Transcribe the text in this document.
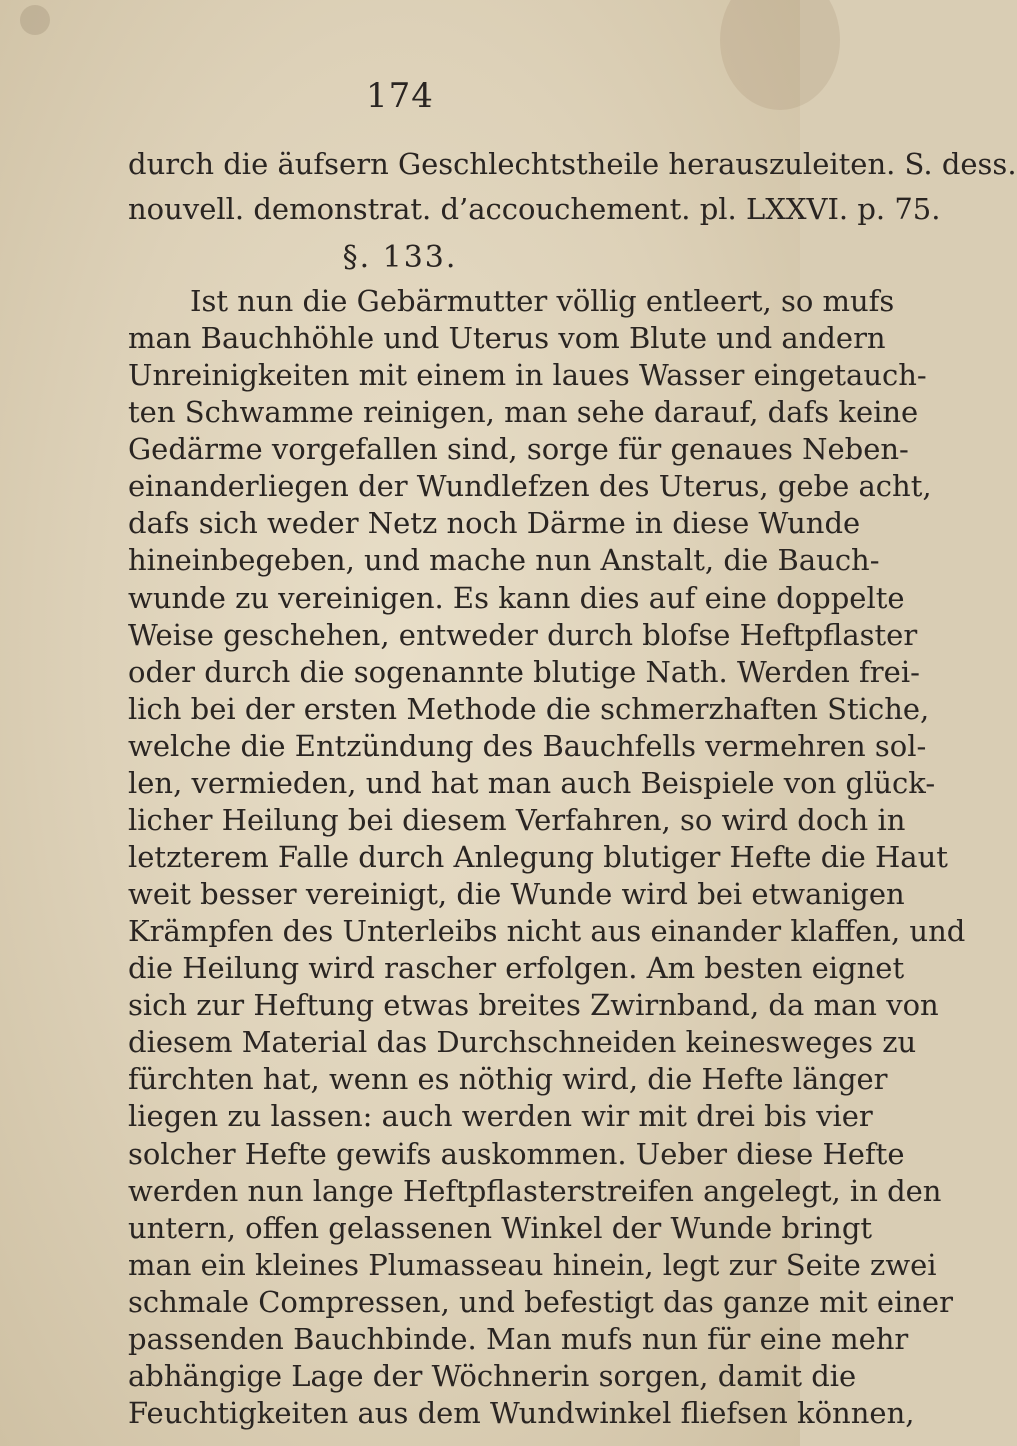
174
durch die äufsern Geschlechtstheile herauszuleiten. S. dess.
nouvell. demonstrat. d’accouchement. pl. LXXVI. p. 75.
§. 133.
Ist nun die Gebärmutter völlig entleert, so mufs
man Bauchhöhle und Uterus vom Blute und andern
Unreinigkeiten mit einem in laues Wasser eingetauch-
ten Schwamme reinigen, man sehe darauf, dafs keine
Gedärme vorgefallen sind, sorge für genaues Neben-
einanderliegen der Wundlefzen des Uterus, gebe acht,
dafs sich weder Netz noch Därme in diese Wunde
hineinbegeben, und mache nun Anstalt, die Bauch-
wunde zu vereinigen. Es kann dies auf eine doppelte
Weise geschehen, entweder durch blofse Heftpflaster
oder durch die sogenannte blutige Nath. Werden frei-
lich bei der ersten Methode die schmerzhaften Stiche,
welche die Entzündung des Bauchfells vermehren sol-
len, vermieden, und hat man auch Beispiele von glück-
licher Heilung bei diesem Verfahren, so wird doch in
letzterem Falle durch Anlegung blutiger Hefte die Haut
weit besser vereinigt, die Wunde wird bei etwanigen
Krämpfen des Unterleibs nicht aus einander klaffen, und
die Heilung wird rascher erfolgen. Am besten eignet
sich zur Heftung etwas breites Zwirnband, da man von
diesem Material das Durchschneiden keinesweges zu
fürchten hat, wenn es nöthig wird, die Hefte länger
liegen zu lassen: auch werden wir mit drei bis vier
solcher Hefte gewifs auskommen. Ueber diese Hefte
werden nun lange Heftpflasterstreifen angelegt, in den
untern, offen gelassenen Winkel der Wunde bringt
man ein kleines Plumasseau hinein, legt zur Seite zwei
schmale Compressen, und befestigt das ganze mit einer
passenden Bauchbinde. Man mufs nun für eine mehr
abhängige Lage der Wöchnerin sorgen, damit die
Feuchtigkeiten aus dem Wundwinkel fliefsen können,
